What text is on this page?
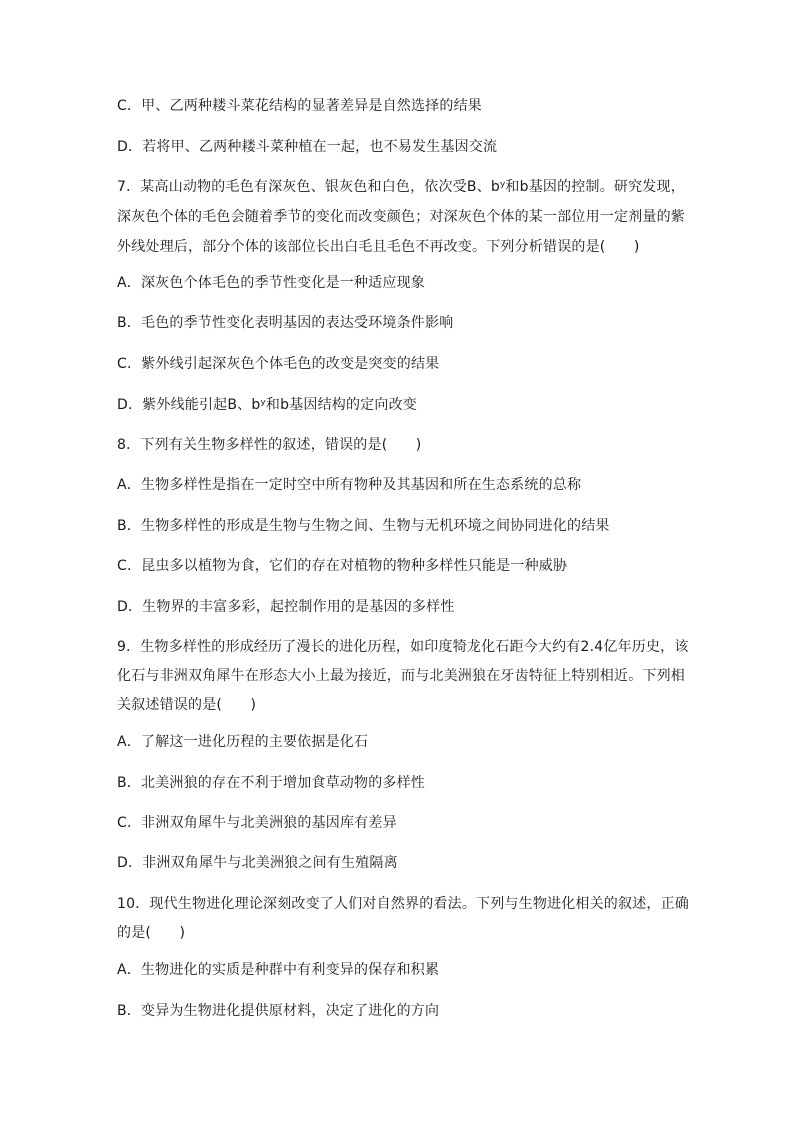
C．甲、乙两种耧斗菜花结构的显著差异是自然选择的结果
D．若将甲、乙两种耧斗菜种植在一起，也不易发生基因交流
7．某高山动物的毛色有深灰色、银灰色和白色，依次受B、bʸ和b基因的控制。研究发现，
深灰色个体的毛色会随着季节的变化而改变颜色；对深灰色个体的某一部位用一定剂量的紫
外线处理后，部分个体的该部位长出白毛且毛色不再改变。下列分析错误的是(　　)
A．深灰色个体毛色的季节性变化是一种适应现象
B．毛色的季节性变化表明基因的表达受环境条件影响
C．紫外线引起深灰色个体毛色的改变是突变的结果
D．紫外线能引起B、bʸ和b基因结构的定向改变
8．下列有关生物多样性的叙述，错误的是(　　)
A．生物多样性是指在一定时空中所有物种及其基因和所在生态系统的总称
B．生物多样性的形成是生物与生物之间、生物与无机环境之间协同进化的结果
C．昆虫多以植物为食，它们的存在对植物的物种多样性只能是一种威胁
D．生物界的丰富多彩，起控制作用的是基因的多样性
9．生物多样性的形成经历了漫长的进化历程，如印度犄龙化石距今大约有2.4亿年历史，该
化石与非洲双角犀牛在形态大小上最为接近，而与北美洲狼在牙齿特征上特别相近。下列相
关叙述错误的是(　　)
A．了解这一进化历程的主要依据是化石
B．北美洲狼的存在不利于增加食草动物的多样性
C．非洲双角犀牛与北美洲狼的基因库有差异
D．非洲双角犀牛与北美洲狼之间有生殖隔离
10．现代生物进化理论深刻改变了人们对自然界的看法。下列与生物进化相关的叙述，正确
的是(　　)
A．生物进化的实质是种群中有利变异的保存和积累
B．变异为生物进化提供原材料，决定了进化的方向
